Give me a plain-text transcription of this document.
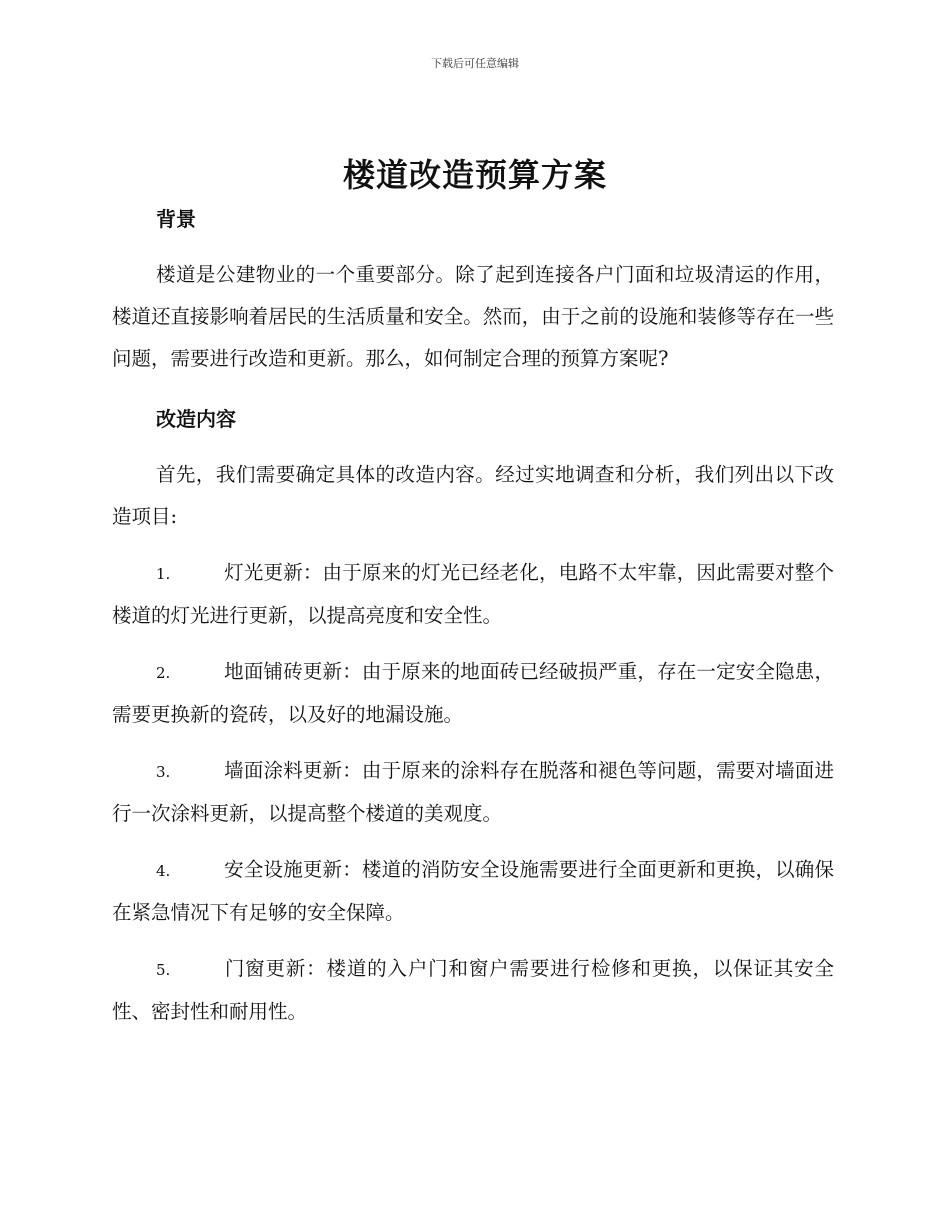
下载后可任意编辑
楼道改造预算方案
背景

楼道是公建物业的一个重要部分。除了起到连接各户门面和垃圾清运的作用，楼道还直接影响着居民的生活质量和安全。然而，由于之前的设施和装修等存在一些问题，需要进行改造和更新。那么，如何制定合理的预算方案呢?

改造内容

首先，我们需要确定具体的改造内容。经过实地调查和分析，我们列出以下改造项目:

1.	灯光更新：由于原来的灯光已经老化，电路不太牢靠，因此需要对整个楼道的灯光进行更新，以提高亮度和安全性。

2.	地面铺砖更新：由于原来的地面砖已经破损严重，存在一定安全隐患，需要更换新的瓷砖，以及好的地漏设施。

3.	墙面涂料更新：由于原来的涂料存在脱落和褪色等问题，需要对墙面进行一次涂料更新，以提高整个楼道的美观度。

4.	安全设施更新：楼道的消防安全设施需要进行全面更新和更换，以确保在紧急情况下有足够的安全保障。

5.	门窗更新：楼道的入户门和窗户需要进行检修和更换，以保证其安全性、密封性和耐用性。
